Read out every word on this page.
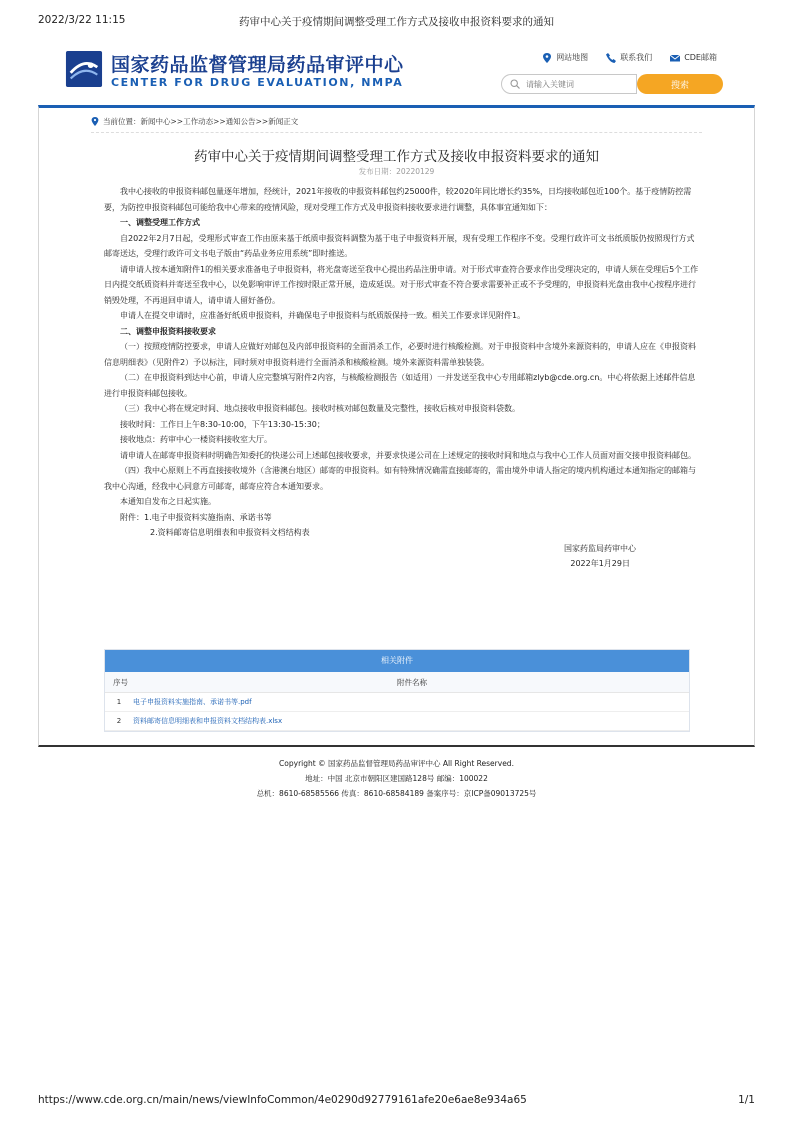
2022/3/22 11:15	药审中心关于疫情期间调整受理工作方式及接收申报资料要求的通知
国家药品监督管理局药品审评中心
CENTER FOR DRUG EVALUATION, NMPA
网站地图	联系我们	CDE邮箱
请输入关键词
搜索
当前位置：新闻中心>>工作动态>>通知公告>>新闻正文
药审中心关于疫情期间调整受理工作方式及接收申报资料要求的通知
发布日期：20220129

我中心接收的申报资料邮包量逐年增加，经统计，2021年接收的申报资料邮包约25000件，较2020年同比增长约35%，日均接收邮包近100个。基于疫情防控需要，为防控申报资料邮包可能给我中心带来的疫情风险，现对受理工作方式及申报资料接收要求进行调整，具体事宜通知如下：

一、调整受理工作方式

自2022年2月7日起，受理形式审查工作由原来基于纸质申报资料调整为基于电子申报资料开展，现有受理工作程序不变。受理行政许可文书纸质版仍按照现行方式邮寄送达，受理行政许可文书电子版由“药品业务应用系统”即时推送。

请申请人按本通知附件1的相关要求准备电子申报资料，将光盘寄送至我中心提出药品注册申请。对于形式审查符合要求作出受理决定的，申请人须在受理后5个工作日内提交纸质资料并寄送至我中心，以免影响审评工作按时限正常开展，造成延误。对于形式审查不符合要求需要补正或不予受理的，申报资料光盘由我中心按程序进行销毁处理，不再退回申请人，请申请人留好备份。

申请人在提交申请时，应准备好纸质申报资料，并确保电子申报资料与纸质版保持一致。相关工作要求详见附件1。

二、调整申报资料接收要求

（一）按照疫情防控要求，申请人应做好对邮包及内部申报资料的全面消杀工作，必要时进行核酸检测。对于申报资料中含境外来源资料的，申请人应在《申报资料信息明细表》（见附件2）予以标注，同时须对申报资料进行全面消杀和核酸检测。境外来源资料需单独装袋。

（二）在申报资料到达中心前，申请人应完整填写附件2内容，与核酸检测报告（如适用）一并发送至我中心专用邮箱zlyb@cde.org.cn。中心将依据上述邮件信息进行申报资料邮包接收。

（三）我中心将在规定时间、地点接收申报资料邮包。接收时核对邮包数量及完整性，接收后核对申报资料袋数。

接收时间：工作日上午8:30-10:00，下午13:30-15:30；

接收地点：药审中心一楼资料接收室大厅。

请申请人在邮寄申报资料时明确告知委托的快递公司上述邮包接收要求，并要求快递公司在上述规定的接收时间和地点与我中心工作人员面对面交接申报资料邮包。

（四）我中心原则上不再直接接收境外（含港澳台地区）邮寄的申报资料。如有特殊情况确需直接邮寄的，需由境外申请人指定的境内机构通过本通知指定的邮箱与我中心沟通，经我中心同意方可邮寄，邮寄应符合本通知要求。

本通知自发布之日起实施。

附件：1.电子申报资料实施指南、承诺书等

2.资料邮寄信息明细表和申报资料文档结构表

国家药监局药审中心

2022年1月29日

相关附件
序号	附件名称
1	电子申报资料实施指南、承诺书等.pdf
2	资料邮寄信息明细表和申报资料文档结构表.xlsx
Copyright © 国家药品监督管理局药品审评中心 All Right Reserved.
地址：中国 北京市朝阳区建国路128号 邮编：100022
总机：8610-68585566 传真：8610-68584189 备案序号：京ICP备09013725号
https://www.cde.org.cn/main/news/viewInfoCommon/4e0290d92779161afe20e6ae8e934a65	1/1
